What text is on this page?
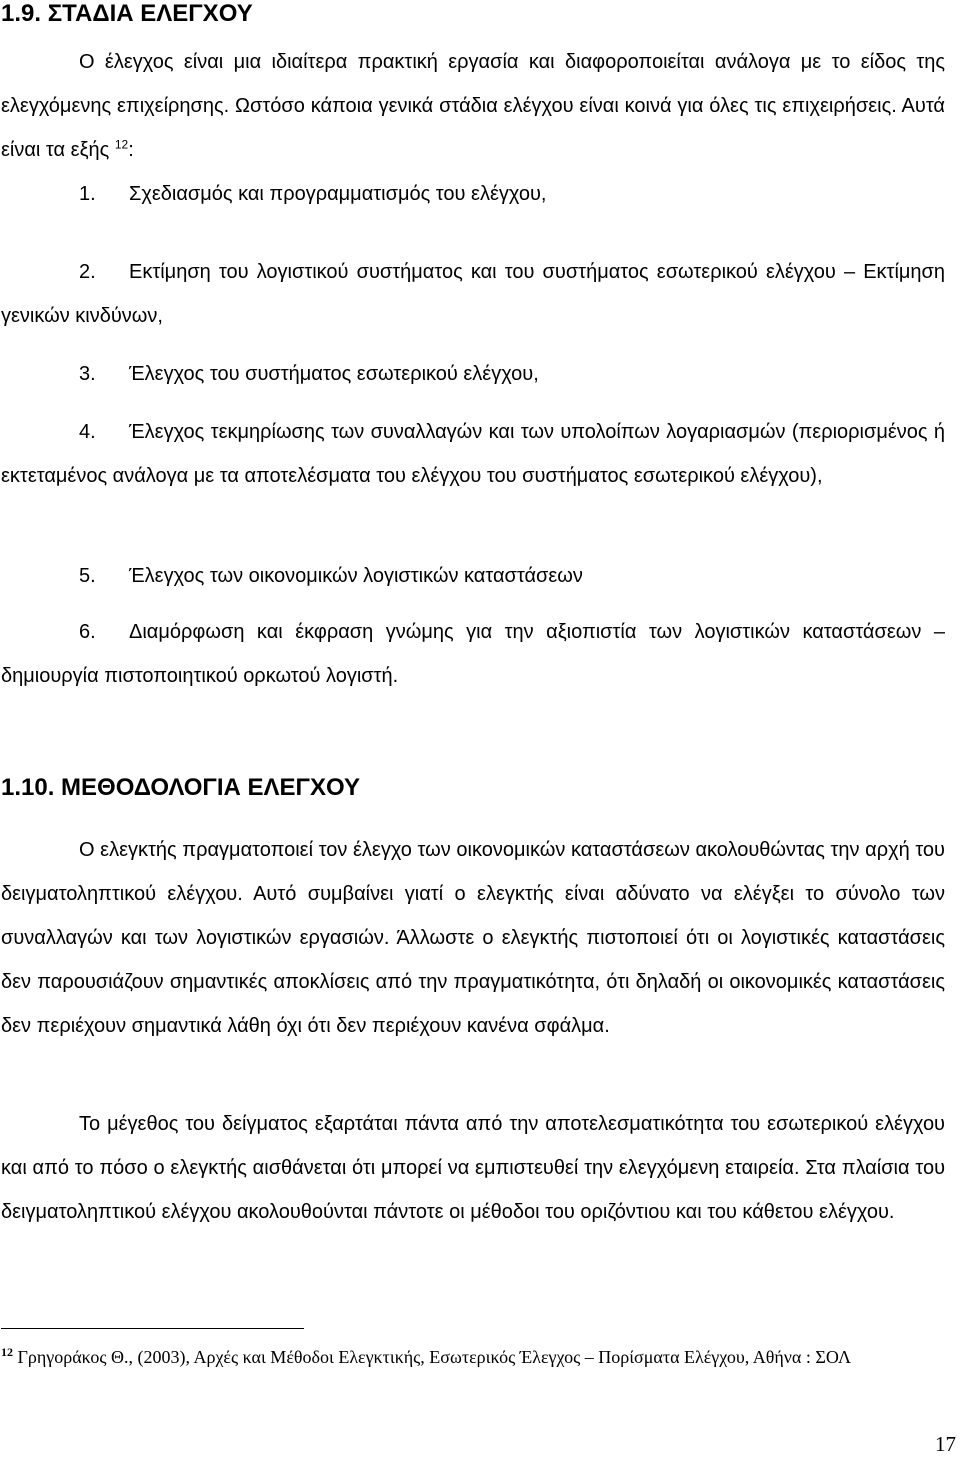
1.9. ΣΤΑΔΙΑ ΕΛΕΓΧΟΥ

Ο έλεγχος είναι μια ιδιαίτερα πρακτική εργασία και διαφοροποιείται ανάλογα με το είδος της ελεγχόμενης επιχείρησης. Ωστόσο κάποια γενικά στάδια ελέγχου είναι κοινά για όλες τις επιχειρήσεις. Αυτά είναι τα εξής $^{12}$:

1. Σχεδιασμός και προγραμματισμός του ελέγχου,

2. Εκτίμηση του λογιστικού συστήματος και του συστήματος εσωτερικού ελέγχου – Εκτίμηση γενικών κινδύνων,

3. Έλεγχος του συστήματος εσωτερικού ελέγχου,

4. Έλεγχος τεκμηρίωσης των συναλλαγών και των υπολοίπων λογαριασμών (περιορισμένος ή εκτεταμένος ανάλογα με τα αποτελέσματα του ελέγχου του συστήματος εσωτερικού ελέγχου),

5. Έλεγχος των οικονομικών λογιστικών καταστάσεων

6. Διαμόρφωση και έκφραση γνώμης για την αξιοπιστία των λογιστικών καταστάσεων – δημιουργία πιστοποιητικού ορκωτού λογιστή.

1.10. ΜΕΘΟΔΟΛΟΓΙΑ ΕΛΕΓΧΟΥ

Ο ελεγκτής πραγματοποιεί τον έλεγχο των οικονομικών καταστάσεων ακολουθώντας την αρχή του δειγματοληπτικού ελέγχου. Αυτό συμβαίνει γιατί ο ελεγκτής είναι αδύνατο να ελέγξει το σύνολο των συναλλαγών και των λογιστικών εργασιών. Άλλωστε ο ελεγκτής πιστοποιεί ότι οι λογιστικές καταστάσεις δεν παρουσιάζουν σημαντικές αποκλίσεις από την πραγματικότητα, ότι δηλαδή οι οικονομικές καταστάσεις δεν περιέχουν σημαντικά λάθη όχι ότι δεν περιέχουν κανένα σφάλμα.

Το μέγεθος του δείγματος εξαρτάται πάντα από την αποτελεσματικότητα του εσωτερικού ελέγχου και από το πόσο ο ελεγκτής αισθάνεται ότι μπορεί να εμπιστευθεί την ελεγχόμενη εταιρεία. Στα πλαίσια του δειγματοληπτικού ελέγχου ακολουθούνται πάντοτε οι μέθοδοι του οριζόντιου και του κάθετου ελέγχου.

$^{12}$ Γρηγοράκος Θ., (2003), Αρχές και Μέθοδοι Ελεγκτικής, Εσωτερικός Έλεγχος – Πορίσματα Ελέγχου, Αθήνα : ΣΟΛ

17
